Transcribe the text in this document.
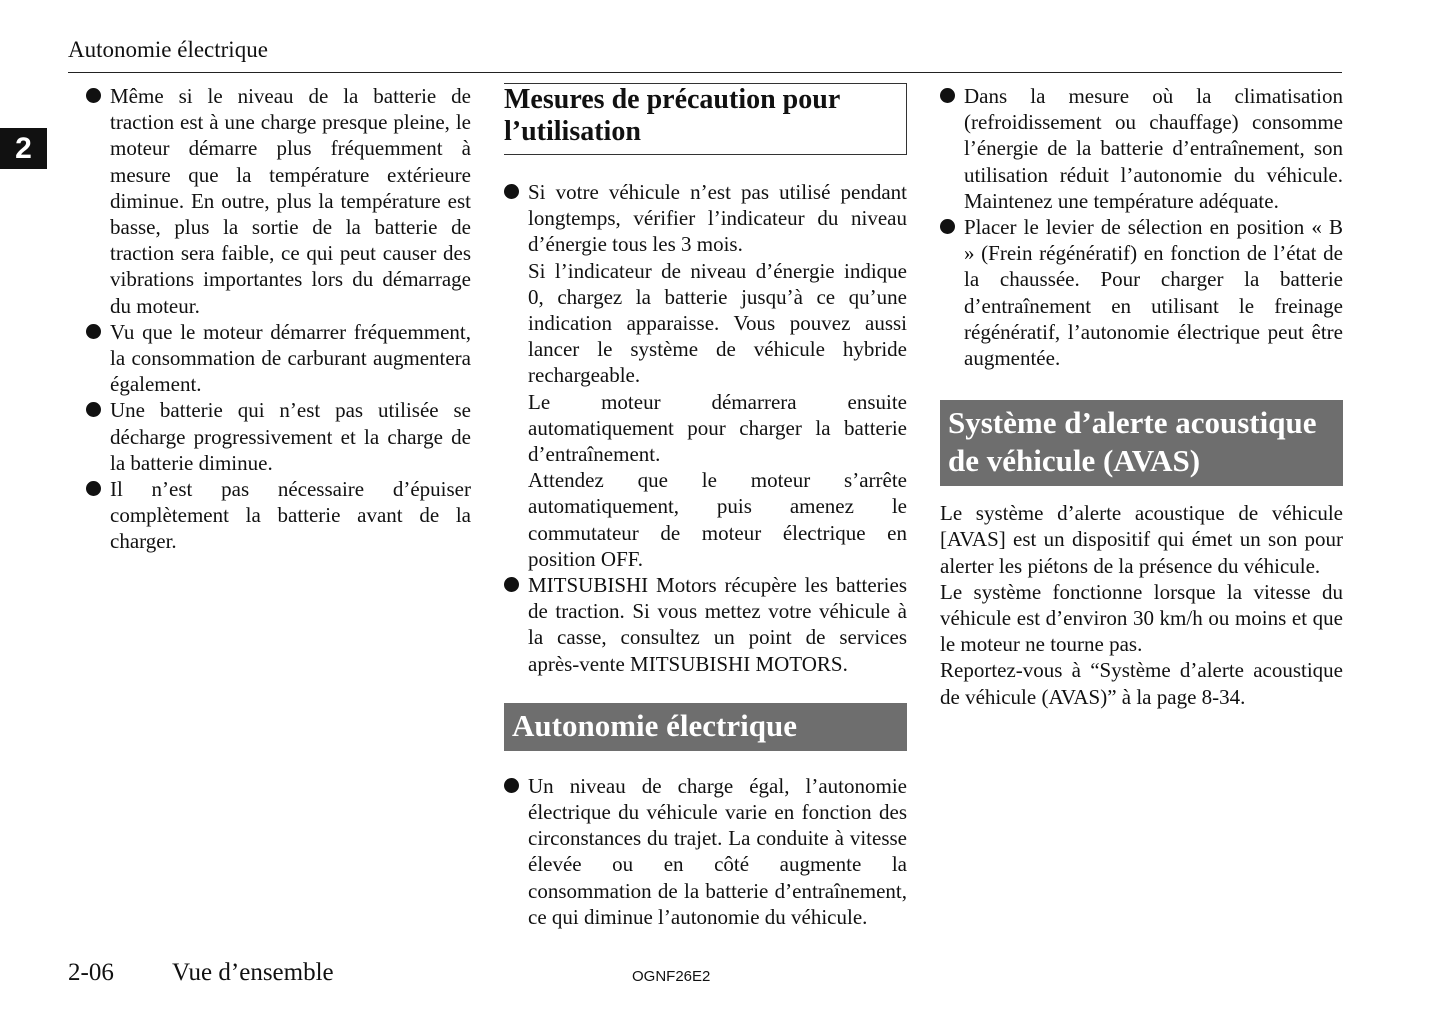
Autonomie électrique
2

Même si le niveau de la batterie de traction est à une charge presque pleine, le moteur démarre plus fréquemment à mesure que la température extérieure diminue. En outre, plus la température est basse, plus la sortie de la batterie de traction sera faible, ce qui peut causer des vibrations importantes lors du démarrage du moteur.

Vu que le moteur démarrer fréquemment, la consommation de carburant augmentera également.

Une batterie qui n’est pas utilisée se décharge progressivement et la charge de la batterie diminue.

Il n’est pas nécessaire d’épuiser complètement la batterie avant de la charger.

Mesures de précaution pour l’utilisation

Si votre véhicule n’est pas utilisé pendant longtemps, vérifier l’indicateur du niveau d’énergie tous les 3 mois.

Si l’indicateur de niveau d’énergie indique 0, chargez la batterie jusqu’à ce qu’une indication apparaisse. Vous pouvez aussi lancer le système de véhicule hybride rechargeable.

Le moteur démarrera ensuite automatiquement pour charger la batterie d’entraînement.

Attendez que le moteur s’arrête automatiquement, puis amenez le commutateur de moteur électrique en position OFF.

MITSUBISHI Motors récupère les batteries de traction. Si vous mettez votre véhicule à la casse, consultez un point de services après-vente MITSUBISHI MOTORS.

Autonomie électrique

Un niveau de charge égal, l’autonomie électrique du véhicule varie en fonction des circonstances du trajet. La conduite à vitesse élevée ou en côté augmente la consommation de la batterie d’entraînement, ce qui diminue l’autonomie du véhicule.

Dans la mesure où la climatisation (refroidissement ou chauffage) consomme l’énergie de la batterie d’entraînement, son utilisation réduit l’autonomie du véhicule. Maintenez une température adéquate.

Placer le levier de sélection en position « B » (Frein régénératif) en fonction de l’état de la chaussée. Pour charger la batterie d’entraînement en utilisant le freinage régénératif, l’autonomie électrique peut être augmentée.

Système d’alerte acoustique de véhicule (AVAS)

Le système d’alerte acoustique de véhicule [AVAS] est un dispositif qui émet un son pour alerter les piétons de la présence du véhicule.

Le système fonctionne lorsque la vitesse du véhicule est d’environ 30 km/h ou moins et que le moteur ne tourne pas.

Reportez-vous à “Système d’alerte acoustique de véhicule (AVAS)” à la page 8-34.

2-06 Vue d’ensemble	OGNF26E2
